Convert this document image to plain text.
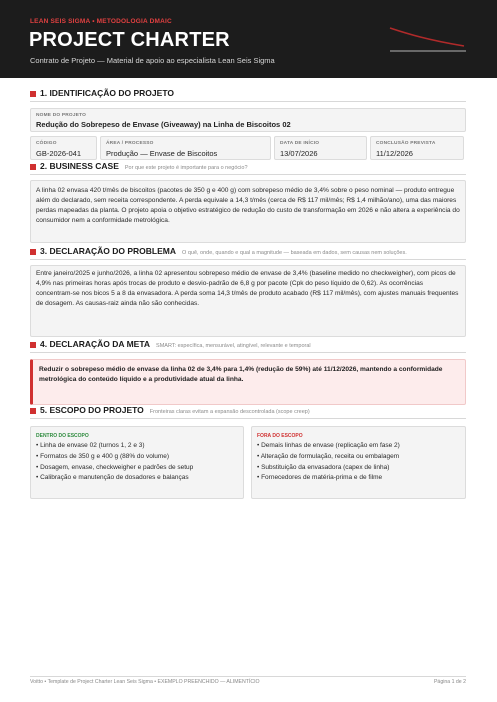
LEAN SEIS SIGMA • METODOLOGIA DMAIC
PROJECT CHARTER
Contrato de Projeto — Material de apoio ao especialista Lean Seis Sigma
1. IDENTIFICAÇÃO DO PROJETO
NOME DO PROJETO
Redução do Sobrepeso de Envase (Giveaway) na Linha de Biscoitos 02
CÓDIGO
GB-2026-041
ÁREA / PROCESSO
Produção — Envase de Biscoitos
DATA DE INÍCIO
13/07/2026
CONCLUSÃO PREVISTA
11/12/2026
2. BUSINESS CASE Por que este projeto é importante para o negócio?
A linha 02 envasa 420 t/mês de biscoitos (pacotes de 350 g e 400 g) com sobrepeso médio de 3,4% sobre o peso nominal — produto entregue além do declarado, sem receita correspondente. A perda equivale a 14,3 t/mês (cerca de R$ 117 mil/mês; R$ 1,4 milhão/ano), uma das maiores perdas mapeadas da planta. O projeto apoia o objetivo estratégico de redução do custo de transformação em 2026 e não altera a experiência do consumidor nem a conformidade metrológica.
3. DECLARAÇÃO DO PROBLEMA O quê, onde, quando e qual a magnitude — baseada em dados, sem causas nem soluções.
Entre janeiro/2025 e junho/2026, a linha 02 apresentou sobrepeso médio de envase de 3,4% (baseline medido no checkweigher), com picos de 4,9% nas primeiras horas após trocas de produto e desvio-padrão de 6,8 g por pacote (Cpk do peso líquido de 0,62). As ocorrências concentram-se nos bicos 5 a 8 da envasadora. A perda soma 14,3 t/mês de produto acabado (R$ 117 mil/mês), com ajustes manuais frequentes de dosagem. As causas-raiz ainda não são conhecidas.
4. DECLARAÇÃO DA META SMART: específica, mensurável, atingível, relevante e temporal
Reduzir o sobrepeso médio de envase da linha 02 de 3,4% para 1,4% (redução de 59%) até 11/12/2026, mantendo a conformidade metrológica do conteúdo líquido e a produtividade atual da linha.
5. ESCOPO DO PROJETO Fronteiras claras evitam a expansão descontrolada (scope creep)
DENTRO DO ESCOPO
• Linha de envase 02 (turnos 1, 2 e 3)
• Formatos de 350 g e 400 g (88% do volume)
• Dosagem, envase, checkweigher e padrões de setup
• Calibração e manutenção de dosadores e balanças
FORA DO ESCOPO
• Demais linhas de envase (replicação em fase 2)
• Alteração de formulação, receita ou embalagem
• Substituição da envasadora (capex de linha)
• Fornecedores de matéria-prima e de filme
Voitto • Template de Project Charter Lean Seis Sigma • EXEMPLO PREENCHIDO — ALIMENTÍCIO	Página 1 de 2
